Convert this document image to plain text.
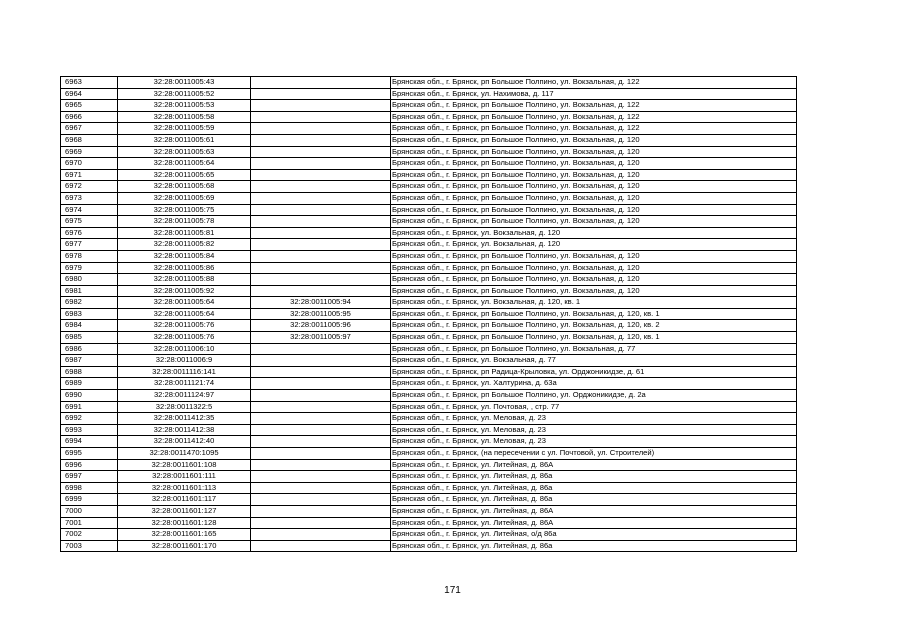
6963	32:28:0011005:43		Брянская обл., г. Брянск, рп Большое Полпино, ул. Вокзальная, д. 122
6964	32:28:0011005:52		Брянская обл., г. Брянск, ул. Нахимова, д. 117
6965	32:28:0011005:53		Брянская обл., г. Брянск, рп Большое Полпино, ул. Вокзальная, д. 122
6966	32:28:0011005:58		Брянская обл., г. Брянск, рп Большое Полпино, ул. Вокзальная, д. 122
6967	32:28:0011005:59		Брянская обл., г. Брянск, рп Большое Полпино, ул. Вокзальная, д. 122
6968	32:28:0011005:61		Брянская обл., г. Брянск, рп Большое Полпино, ул. Вокзальная, д. 120
6969	32:28:0011005:63		Брянская обл., г. Брянск, рп Большое Полпино, ул. Вокзальная, д. 120
6970	32:28:0011005:64		Брянская обл., г. Брянск, рп Большое Полпино, ул. Вокзальная, д. 120
6971	32:28:0011005:65		Брянская обл., г. Брянск, рп Большое Полпино, ул. Вокзальная, д. 120
6972	32:28:0011005:68		Брянская обл., г. Брянск, рп Большое Полпино, ул. Вокзальная, д. 120
6973	32:28:0011005:69		Брянская обл., г. Брянск, рп Большое Полпино, ул. Вокзальная, д. 120
6974	32:28:0011005:75		Брянская обл., г. Брянск, рп Большое Полпино, ул. Вокзальная, д. 120
6975	32:28:0011005:78		Брянская обл., г. Брянск, рп Большое Полпино, ул. Вокзальная, д. 120
6976	32:28:0011005:81		Брянская обл., г. Брянск, ул. Вокзальная, д. 120
6977	32:28:0011005:82		Брянская обл., г. Брянск, ул. Вокзальная, д. 120
6978	32:28:0011005:84		Брянская обл., г. Брянск, рп Большое Полпино, ул. Вокзальная, д. 120
6979	32:28:0011005:86		Брянская обл., г. Брянск, рп Большое Полпино, ул. Вокзальная, д. 120
6980	32:28:0011005:88		Брянская обл., г. Брянск, рп Большое Полпино, ул. Вокзальная, д. 120
6981	32:28:0011005:92		Брянская обл., г. Брянск, рп Большое Полпино, ул. Вокзальная, д. 120
6982	32:28:0011005:64	32:28:0011005:94	Брянская обл., г. Брянск, ул. Вокзальная, д. 120, кв. 1
6983	32:28:0011005:64	32:28:0011005:95	Брянская обл., г. Брянск, рп Большое Полпино, ул. Вокзальная, д. 120, кв. 1
6984	32:28:0011005:76	32:28:0011005:96	Брянская обл., г. Брянск, рп Большое Полпино, ул. Вокзальная, д. 120, кв. 2
6985	32:28:0011005:76	32:28:0011005:97	Брянская обл., г. Брянск, рп Большое Полпино, ул. Вокзальная, д. 120, кв. 1
6986	32:28:0011006:10		Брянская обл., г. Брянск, рп Большое Полпино, ул. Вокзальная, д. 77
6987	32:28:0011006:9		Брянская обл., г. Брянск, ул. Вокзальная, д. 77
6988	32:28:0011116:141		Брянская обл., г. Брянск, рп Радица-Крыловка, ул. Орджоникидзе, д. 61
6989	32:28:0011121:74		Брянская обл., г. Брянск, ул. Халтурина, д. 63а
6990	32:28:0011124:97		Брянская обл., г. Брянск, рп Большое Полпино, ул. Орджоникидзе, д. 2а
6991	32:28:0011322:5		Брянская обл., г. Брянск, ул. Почтовая, , стр. 77
6992	32:28:0011412:35		Брянская обл., г. Брянск, ул. Меловая, д. 23
6993	32:28:0011412:38		Брянская обл., г. Брянск, ул. Меловая, д. 23
6994	32:28:0011412:40		Брянская обл., г. Брянск, ул. Меловая, д. 23
6995	32:28:0011470:1095		Брянская обл., г. Брянск, (на пересечении с ул. Почтовой, ул. Строителей)
6996	32:28:0011601:108		Брянская обл., г. Брянск, ул. Литейная, д. 86А
6997	32:28:0011601:111		Брянская обл., г. Брянск, ул. Литейная, д. 86а
6998	32:28:0011601:113		Брянская обл., г. Брянск, ул. Литейная, д. 86а
6999	32:28:0011601:117		Брянская обл., г. Брянск, ул. Литейная, д. 86а
7000	32:28:0011601:127		Брянская обл., г. Брянск, ул. Литейная, д. 86А
7001	32:28:0011601:128		Брянская обл., г. Брянск, ул. Литейная, д. 86А
7002	32:28:0011601:165		Брянская обл., г. Брянск, ул. Литейная, о/д 86а
7003	32:28:0011601:170		Брянская обл., г. Брянск, ул. Литейная, д. 86а
171
